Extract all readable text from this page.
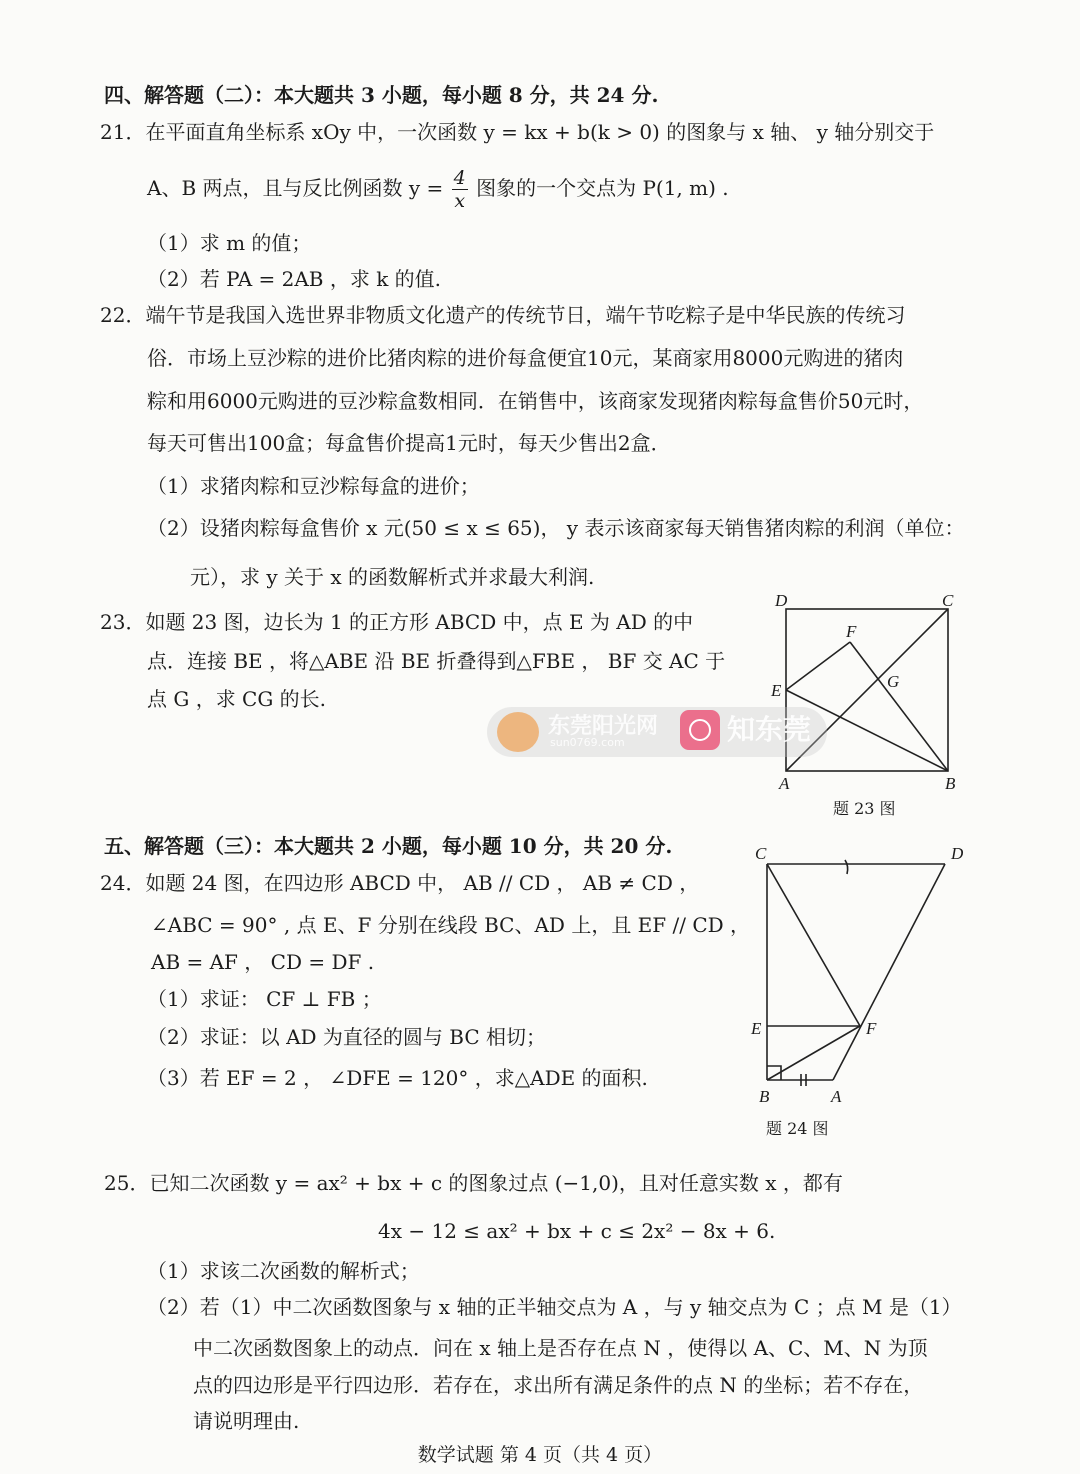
四、解答题（二）：本大题共 3 小题，每小题 8 分，共 24 分.
21．在平面直角坐标系 xOy 中，一次函数 y = kx + b(k > 0) 的图象与 x 轴、 y 轴分别交于
A、B 两点，且与反比例函数 $y = \frac{4}{x}$ 图象的一个交点为 P(1, m) .
（1）求 m 的值；
（2）若 PA = 2AB ，求 k 的值.
22．端午节是我国入选世界非物质文化遗产的传统节日，端午节吃粽子是中华民族的传统习
俗．市场上豆沙粽的进价比猪肉粽的进价每盒便宜10元，某商家用8000元购进的猪肉
粽和用6000元购进的豆沙粽盒数相同．在销售中，该商家发现猪肉粽每盒售价50元时，
每天可售出100盒；每盒售价提高1元时，每天少售出2盒．
（1）求猪肉粽和豆沙粽每盒的进价；
（2）设猪肉粽每盒售价 x 元(50 ≤ x ≤ 65)， y 表示该商家每天销售猪肉粽的利润（单位：
元），求 y 关于 x 的函数解析式并求最大利润.
23．如题 23 图，边长为 1 的正方形 ABCD 中，点 E 为 AD 的中
点．连接 BE ，将△ABE 沿 BE 折叠得到△FBE ， BF 交 AC 于
点 G ，求 CG 的长.
D	C
F
G
E
A	B
题 23 图
东莞阳光网
sun0769.com	知东莞
五、解答题（三）：本大题共 2 小题，每小题 10 分，共 20 分.
24．如题 24 图，在四边形 ABCD 中， AB // CD ， AB ≠ CD ，
∠ABC = 90° , 点 E、F 分别在线段 BC、AD 上，且 EF // CD ，
AB = AF ， CD = DF .
（1）求证： CF ⊥ FB ；
（2）求证：以 AD 为直径的圆与 BC 相切；
（3）若 EF = 2 ， ∠DFE = 120° ，求△ADE 的面积.
C	D
E	F
B	A
题 24 图
25．已知二次函数 y = ax² + bx + c 的图象过点 (−1,0)，且对任意实数 x ，都有
4x − 12 ≤ ax² + bx + c ≤ 2x² − 8x + 6.
（1）求该二次函数的解析式；
（2）若（1）中二次函数图象与 x 轴的正半轴交点为 A ，与 y 轴交点为 C ；点 M 是（1）
中二次函数图象上的动点．问在 x 轴上是否存在点 N ，使得以 A、C、M、N 为顶
点的四边形是平行四边形．若存在，求出所有满足条件的点 N 的坐标；若不存在，
请说明理由.
数学试题 第 4 页（共 4 页）
